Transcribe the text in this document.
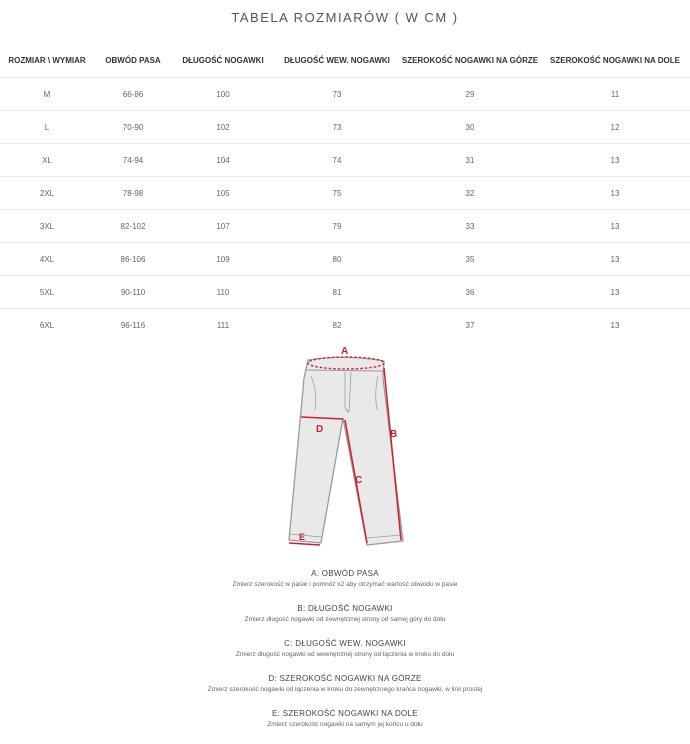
TABELA ROZMIARÓW ( W CM )
ROZMIAR \ WYMIAR	OBWÓD PASA	DŁUGOŚĆ NOGAWKI	DŁUGOŚĆ WEW. NOGAWKI	SZEROKOŚĆ NOGAWKI NA GÓRZE	SZEROKOŚĆ NOGAWKI NA DOLE
M	66-86	100	73	29	11
L	70-90	102	73	30	12
XL	74-94	104	74	31	13
2XL	78-98	105	75	32	13
3XL	82-102	107	79	33	13
4XL	86-106	109	80	35	13
5XL	90-110	110	81	36	13
6XL	96-116	111	82	37	13
A
B
C
D
E
A: OBWÓD PASA
Zmierz szerokość w pasie i pomnóż x2 aby otrzymać wartość obwodu w pasie
B: DŁUGOŚĆ NOGAWKI
Zmierz długość nogawki od zewnętrznej strony od samej góry do dołu
C: DŁUGOŚĆ WEW. NOGAWKI
Zmierz długość nogawki od wewnętrznej strony od łączenia w kroku do dołu
D: SZEROKOŚĆ NOGAWKI NA GÓRZE
Zmierz szerokość nogawki od łączenia w kroku do zewnętrznego krańca nogawki, w linii prostej
E: SZEROKOŚĆ NOGAWKI NA DOLE
Zmierz szerokość nogawki na samym jej końcu u dołu
